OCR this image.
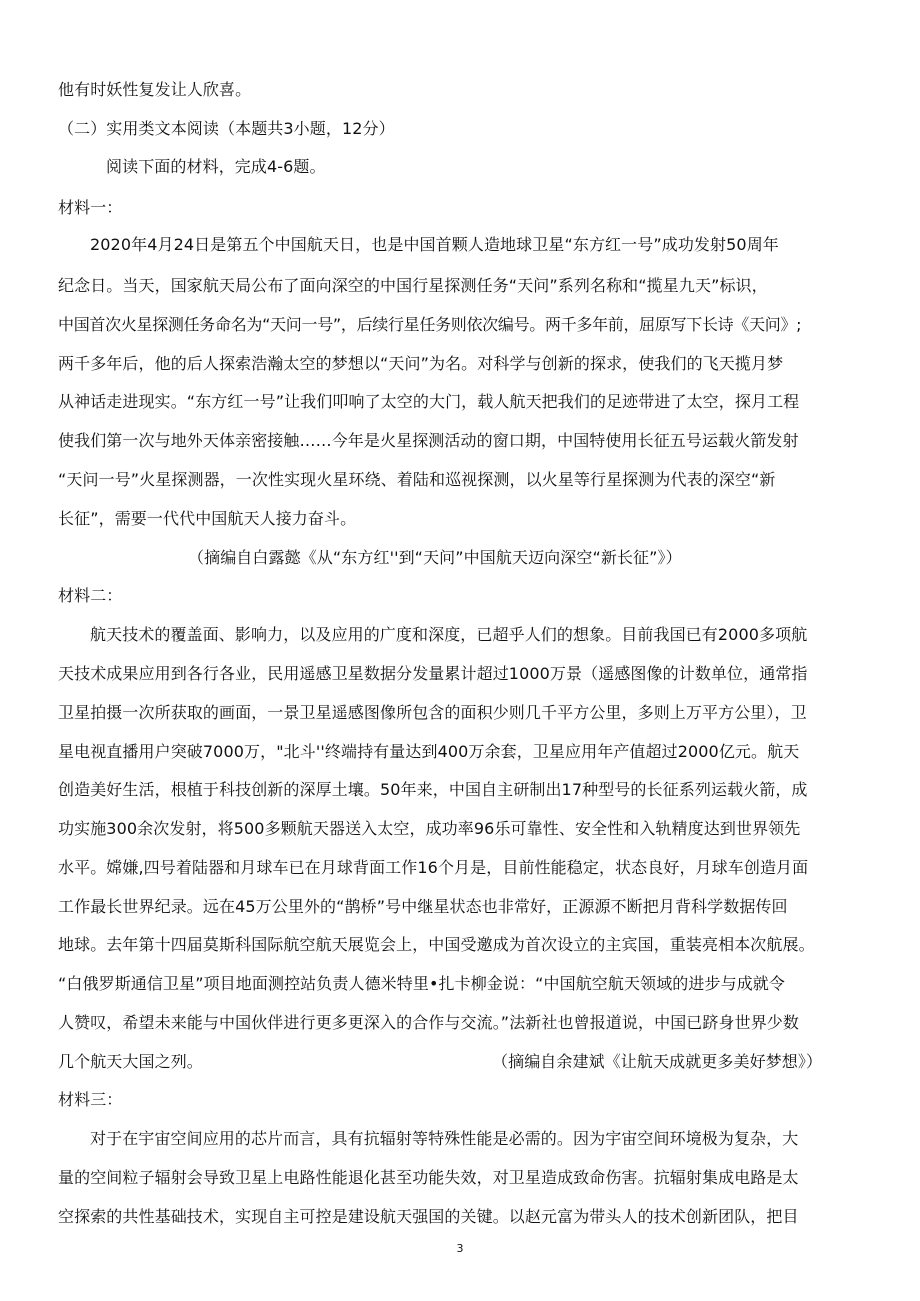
他有时妖性复发让人欣喜。
（二）实用类文本阅读（本题共3小题，12分）
阅读下面的材料，完成4-6题。
材料一：
2020年4月24日是第五个中国航天日，也是中国首颗人造地球卫星“东方红一号”成功发射50周年
纪念日。当天，国家航天局公布了面向深空的中国行星探测任务“天问”系列名称和“揽星九天”标识，
中国首次火星探测任务命名为“天问一号”，后续行星任务则依次编号。两千多年前，屈原写下长诗《天问》;
两千多年后，他的后人探索浩瀚太空的梦想以“天问”为名。对科学与创新的探求，使我们的飞天揽月梦
从神话走进现实。“东方红一号”让我们叩响了太空的大门，载人航天把我们的足迹带进了太空，探月工程
使我们第一次与地外天体亲密接触……今年是火星探测活动的窗口期，中国特使用长征五号运载火箭发射
“天问一号”火星探测器，一次性实现火星环绕、着陆和巡视探测，以火星等行星探测为代表的深空“新
长征”，需要一代代中国航天人接力奋斗。
（摘编自白露懿《从“东方红''到“天问”中国航天迈向深空“新长征”》）
材料二：
航天技术的覆盖面、影响力，以及应用的广度和深度，已超乎人们的想象。目前我国已有2000多项航
天技术成果应用到各行各业，民用遥感卫星数据分发量累计超过1000万景（遥感图像的计数单位，通常指
卫星拍摄一次所获取的画面，一景卫星遥感图像所包含的面积少则几千平方公里，多则上万平方公里），卫
星电视直播用户突破7000万，"北斗''终端持有量达到400万余套，卫星应用年产值超过2000亿元。航天
创造美好生活，根植于科技创新的深厚土壤。50年来，中国自主研制出17种型号的长征系列运载火箭，成
功实施300余次发射，将500多颗航天器送入太空，成功率96乐可靠性、安全性和入轨精度达到世界领先
水平。嫦嫌,四号着陆器和月球车已在月球背面工作16个月是，目前性能稳定，状态良好，月球车创造月面
工作最长世界纪录。远在45万公里外的“鹊桥”号中继星状态也非常好，正源源不断把月背科学数据传回
地球。去年第十四届莫斯科国际航空航天展览会上，中国受邀成为首次设立的主宾国，重装亮相本次航展。
“白俄罗斯通信卫星”项目地面测控站负责人德米特里•扎卡柳金说：“中国航空航天领域的进步与成就令
人赞叹，希望未来能与中国伙伴进行更多更深入的合作与交流。”法新社也曾报道说，中国已跻身世界少数
几个航天大国之列。	（摘编自余建斌《让航天成就更多美好梦想》）
材料三：
对于在宇宙空间应用的芯片而言，具有抗辐射等特殊性能是必需的。因为宇宙空间环境极为复杂，大
量的空间粒子辐射会导致卫星上电路性能退化甚至功能失效，对卫星造成致命伤害。抗辐射集成电路是太
空探索的共性基础技术，实现自主可控是建设航天强国的关键。以赵元富为带头人的技术创新团队，把目
3
